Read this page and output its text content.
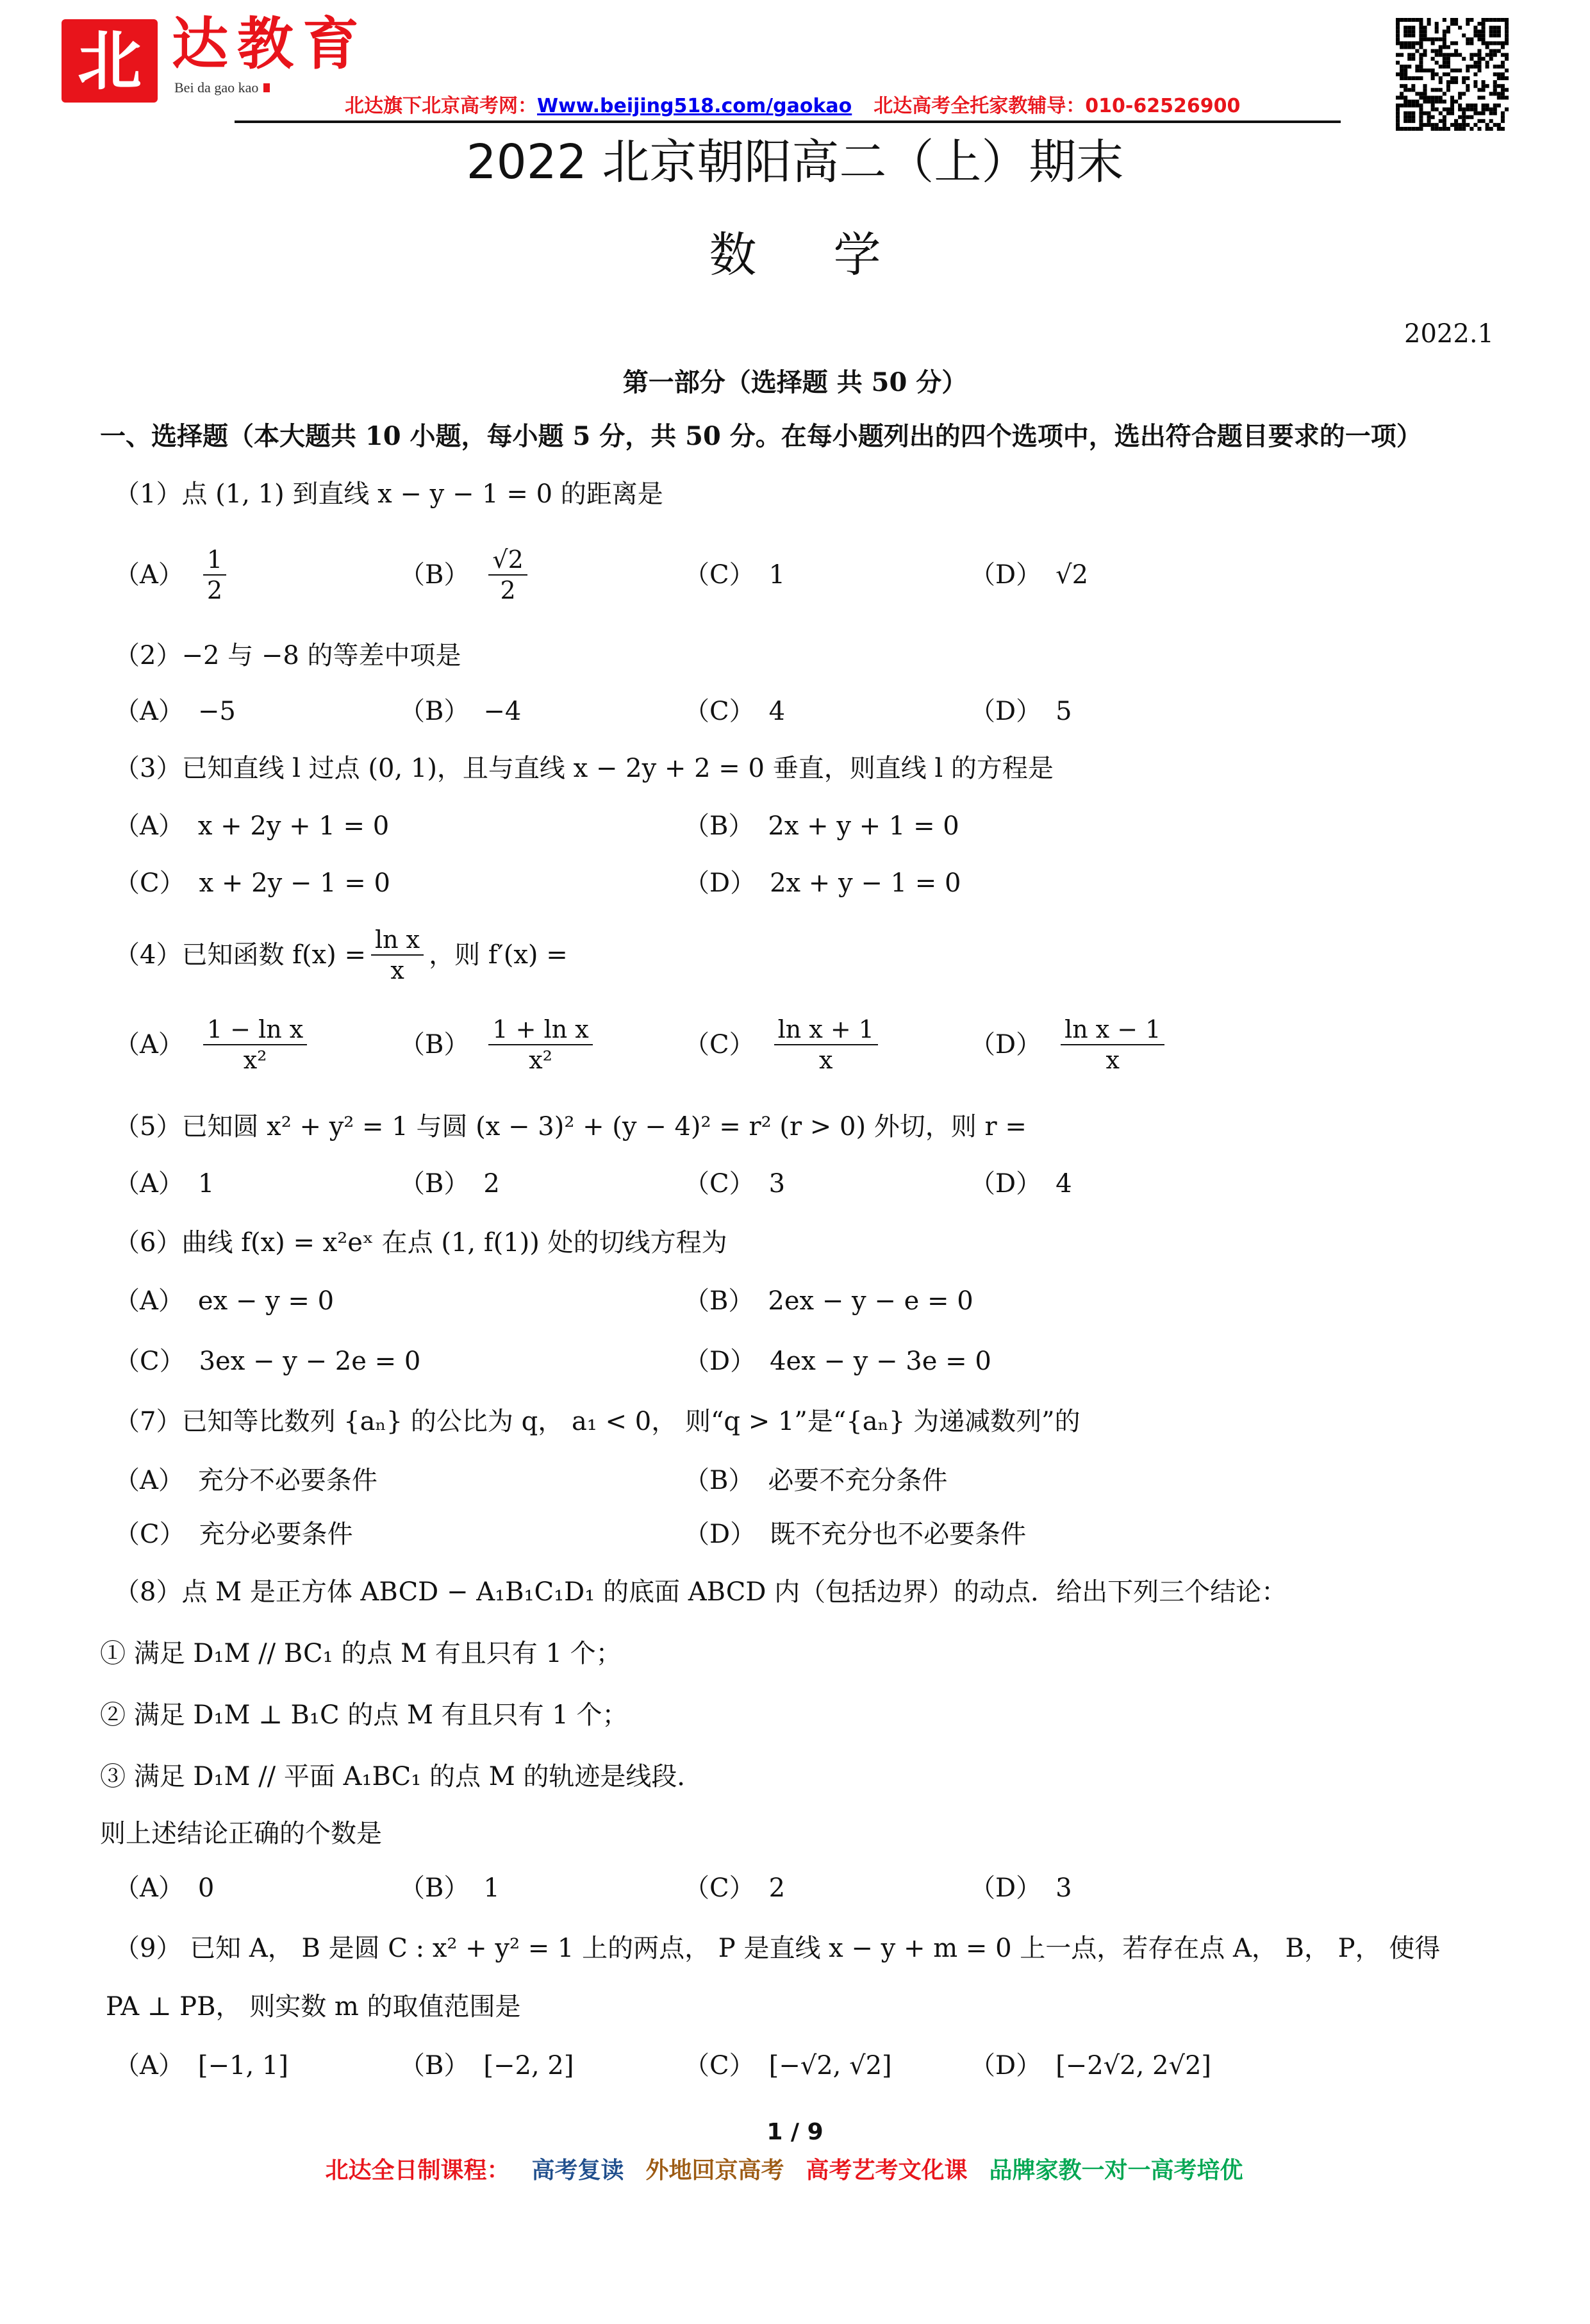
北 达教育
Bei da gao kao
北达旗下北京高考网：Www.beijing518.com/gaokao 北达高考全托家教辅导：010-62526900
2022 北京朝阳高二（上）期末
数 学
2022.1
第一部分（选择题 共 50 分）
一、选择题（本大题共 10 小题，每小题 5 分，共 50 分。在每小题列出的四个选项中，选出符合题目要求的一项）
（1）点 (1, 1) 到直线 x − y − 1 = 0 的距离是
$(A) \frac{1}{2}$	$(B) \frac{√2}{2}$	（C） 1	（D） √2
（2）−2 与 −8 的等差中项是
（A） −5	（B） −4	（C） 4	（D） 5
（3）已知直线 l 过点 (0, 1)，且与直线 x − 2y + 2 = 0 垂直，则直线 l 的方程是
（A） x + 2y + 1 = 0	（B） 2x + y + 1 = 0
（C） x + 2y − 1 = 0	（D） 2x + y − 1 = 0
（4）已知函数 $f(x) = \frac{\text{ln x}}{x}$ ，则 f′(x) =
$(A) \frac{\text{1 − ln x}}{\text{x²}}$	$(B) \frac{\text{1 + ln x}}{\text{x²}}$	$(C) \frac{\text{ln x + 1}}{x}$	$(D) \frac{\text{ln x − 1}}{x}$
（5）已知圆 x² + y² = 1 与圆 (x − 3)² + (y − 4)² = r² (r > 0) 外切，则 r =
（A） 1	（B） 2	（C） 3	（D） 4
（6）曲线 f(x) = x²eˣ 在点 (1, f(1)) 处的切线方程为
（A） ex − y = 0	（B） 2ex − y − e = 0
（C） 3ex − y − 2e = 0	（D） 4ex − y − 3e = 0
（7）已知等比数列 {aₙ} 的公比为 q， a₁ < 0， 则“q > 1”是“{aₙ} 为递减数列”的
（A） 充分不必要条件	（B） 必要不充分条件
（C） 充分必要条件	（D） 既不充分也不必要条件
（8）点 M 是正方体 ABCD − A₁B₁C₁D₁ 的底面 ABCD 内（包括边界）的动点．给出下列三个结论：
① 满足 D₁M // BC₁ 的点 M 有且只有 1 个；
② 满足 D₁M ⊥ B₁C 的点 M 有且只有 1 个；
③ 满足 D₁M // 平面 A₁BC₁ 的点 M 的轨迹是线段．
则上述结论正确的个数是
（A） 0	（B） 1	（C） 2	（D） 3
（9） 已知 A， B 是圆 C : x² + y² = 1 上的两点， P 是直线 x − y + m = 0 上一点，若存在点 A， B， P， 使得
PA ⊥ PB， 则实数 m 的取值范围是
（A） [−1, 1]	（B） [−2, 2]	（C） [−√2, √2]	（D） [−2√2, 2√2]
1 / 9
北达全日制课程： 高考复读 外地回京高考 高考艺考文化课 品牌家教一对一高考培优
